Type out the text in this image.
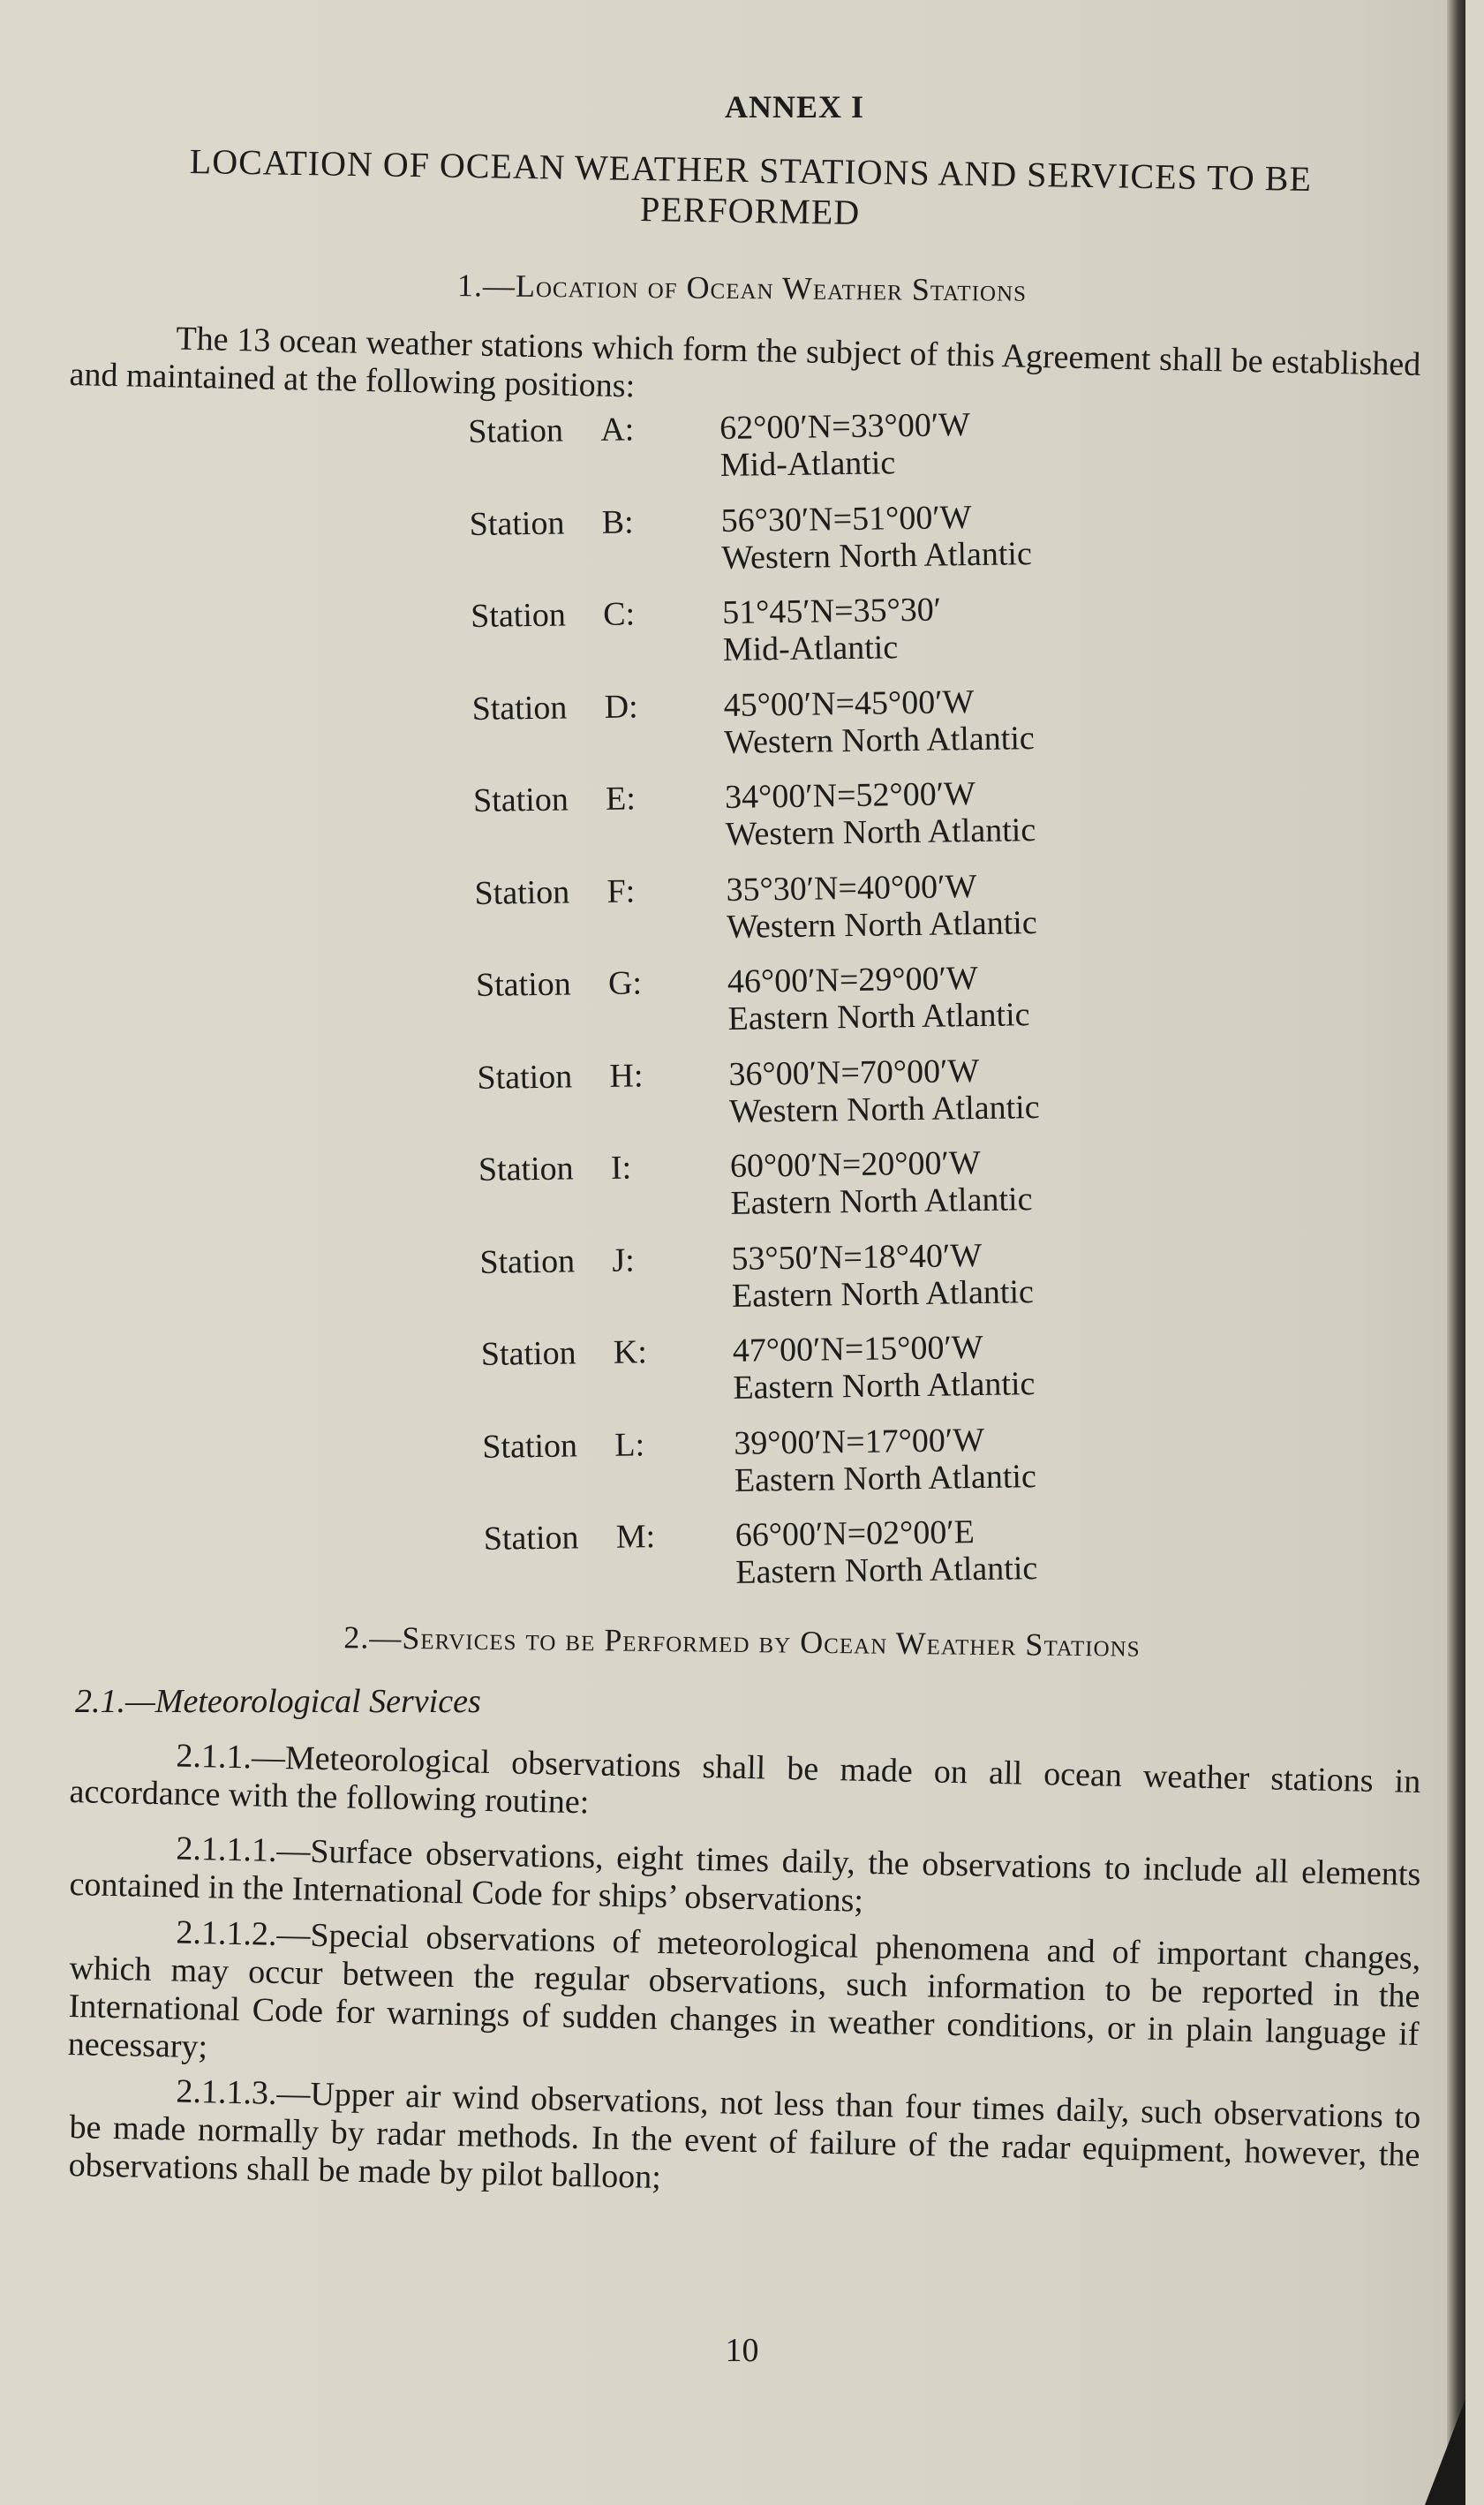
ANNEX I
LOCATION OF OCEAN WEATHER STATIONS AND SERVICES TO BE PERFORMED
1.—Location of Ocean Weather Stations
The 13 ocean weather stations which form the subject of this Agreement shall be established and maintained at the following positions:
Station A:	62°00′N=33°00′W
Mid-Atlantic
Station B:	56°30′N=51°00′W
Western North Atlantic
Station C:	51°45′N=35°30′
Mid-Atlantic
Station D:	45°00′N=45°00′W
Western North Atlantic
Station E:	34°00′N=52°00′W
Western North Atlantic
Station F:	35°30′N=40°00′W
Western North Atlantic
Station G:	46°00′N=29°00′W
Eastern North Atlantic
Station H:	36°00′N=70°00′W
Western North Atlantic
Station I:	60°00′N=20°00′W
Eastern North Atlantic
Station J:	53°50′N=18°40′W
Eastern North Atlantic
Station K:	47°00′N=15°00′W
Eastern North Atlantic
Station L:	39°00′N=17°00′W
Eastern North Atlantic
Station M:	66°00′N=02°00′E
Eastern North Atlantic
2.—Services to be Performed by Ocean Weather Stations
2.1.—Meteorological Services
2.1.1.—Meteorological observations shall be made on all ocean weather stations in accordance with the following routine:
2.1.1.1.—Surface observations, eight times daily, the observations to include all elements contained in the International Code for ships’ observations;
2.1.1.2.—Special observations of meteorological phenomena and of important changes, which may occur between the regular observations, such information to be reported in the International Code for warnings of sudden changes in weather conditions, or in plain language if necessary;
2.1.1.3.—Upper air wind observations, not less than four times daily, such observations to be made normally by radar methods. In the event of failure of the radar equipment, however, the observations shall be made by pilot balloon;
10
